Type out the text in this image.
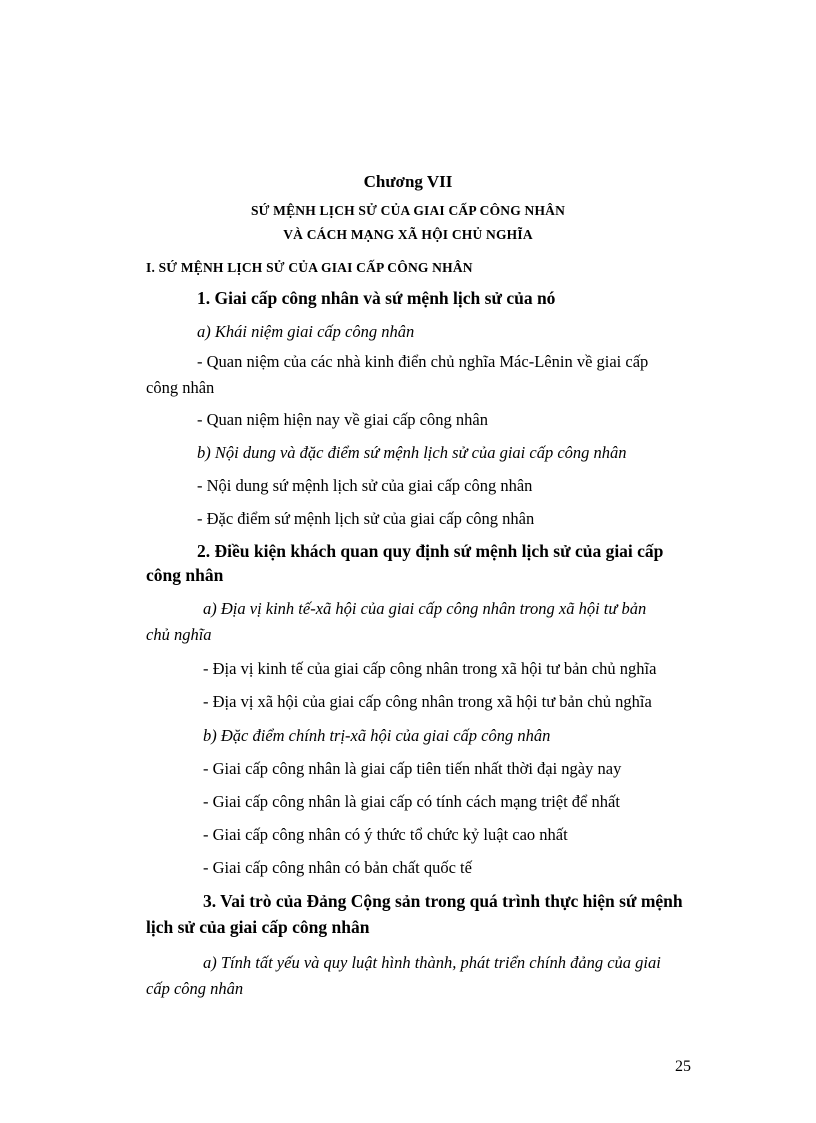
Chương VII
SỨ MỆNH LỊCH SỬ CỦA GIAI CẤP CÔNG NHÂN
VÀ CÁCH MẠNG XÃ HỘI CHỦ NGHĨA
I. SỨ MỆNH LỊCH SỬ CỦA GIAI CẤP CÔNG NHÂN
1. Giai cấp công nhân và sứ mệnh lịch sử của nó
a) Khái niệm giai cấp công nhân
- Quan niệm của các nhà kinh điển chủ nghĩa Mác-Lênin về giai cấp
công nhân
- Quan niệm hiện nay về giai cấp công nhân
b) Nội dung và đặc điểm sứ mệnh lịch sử của giai cấp công nhân
- Nội dung sứ mệnh lịch sử của giai cấp công nhân
- Đặc điểm sứ mệnh lịch sử của giai cấp công nhân
2. Điều kiện khách quan quy định sứ mệnh lịch sử của giai cấp
công nhân
a) Địa vị kinh tế-xã hội của giai cấp công nhân trong xã hội tư bản
chủ nghĩa
- Địa vị kinh tế của giai cấp công nhân trong xã hội tư bản chủ nghĩa
- Địa vị xã hội của giai cấp công nhân trong xã hội tư bản chủ nghĩa
b) Đặc điểm chính trị-xã hội của giai cấp công nhân
- Giai cấp công nhân là giai cấp tiên tiến nhất thời đại ngày nay
- Giai cấp công nhân là giai cấp có tính cách mạng triệt để nhất
- Giai cấp công nhân có ý thức tổ chức kỷ luật cao nhất
- Giai cấp công nhân có bản chất quốc tế
3. Vai trò của Đảng Cộng sản trong quá trình thực hiện sứ mệnh
lịch sử của giai cấp công nhân
a) Tính tất yếu và quy luật hình thành, phát triển chính đảng của giai
cấp công nhân
25
